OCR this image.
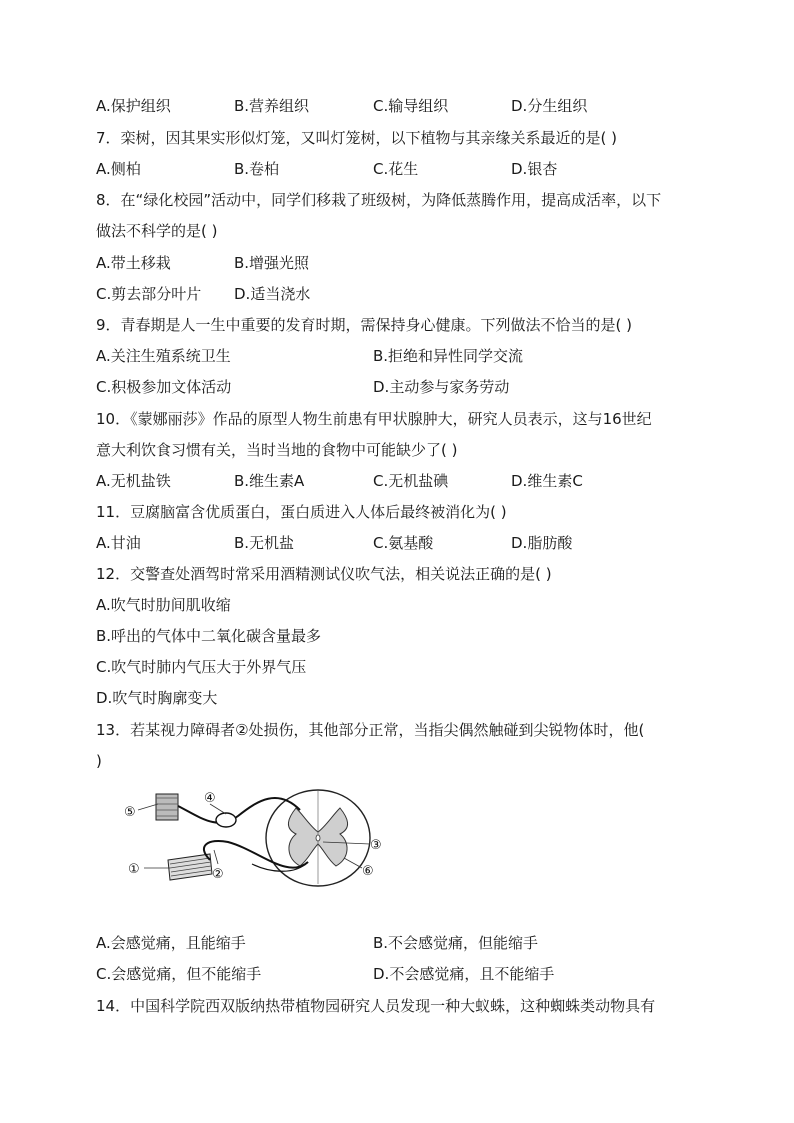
A.保护组织	B.营养组织	C.输导组织	D.分生组织
7．栾树，因其果实形似灯笼，又叫灯笼树，以下植物与其亲缘关系最近的是( )
A.侧柏	B.卷柏	C.花生	D.银杏
8．在“绿化校园”活动中，同学们移栽了班级树，为降低蒸腾作用，提高成活率，以下
做法不科学的是( )
A.带土移栽	B.增强光照
C.剪去部分叶片 D.适当浇水
9．青春期是人一生中重要的发育时期，需保持身心健康。下列做法不恰当的是( )
A.关注生殖系统卫生	B.拒绝和异性同学交流
C.积极参加文体活动	D.主动参与家务劳动
10．《蒙娜丽莎》作品的原型人物生前患有甲状腺肿大，研究人员表示，这与16世纪
意大利饮食习惯有关，当时当地的食物中可能缺少了( )
A.无机盐铁	B.维生素A	C.无机盐碘	D.维生素C
11．豆腐脑富含优质蛋白，蛋白质进入人体后最终被消化为( )
A.甘油	B.无机盐	C.氨基酸	D.脂肪酸
12．交警查处酒驾时常采用酒精测试仪吹气法，相关说法正确的是( )
A.吹气时肋间肌收缩
B.呼出的气体中二氧化碳含量最多
C.吹气时肺内气压大于外界气压
D.吹气时胸廓变大
13．若某视力障碍者②处损伤，其他部分正常，当指尖偶然触碰到尖锐物体时，他(
)
⑤
④
③
①	②	⑥
A.会感觉痛，且能缩手	B.不会感觉痛，但能缩手
C.会感觉痛，但不能缩手	D.不会感觉痛，且不能缩手
14．中国科学院西双版纳热带植物园研究人员发现一种大蚁蛛，这种蜘蛛类动物具有
